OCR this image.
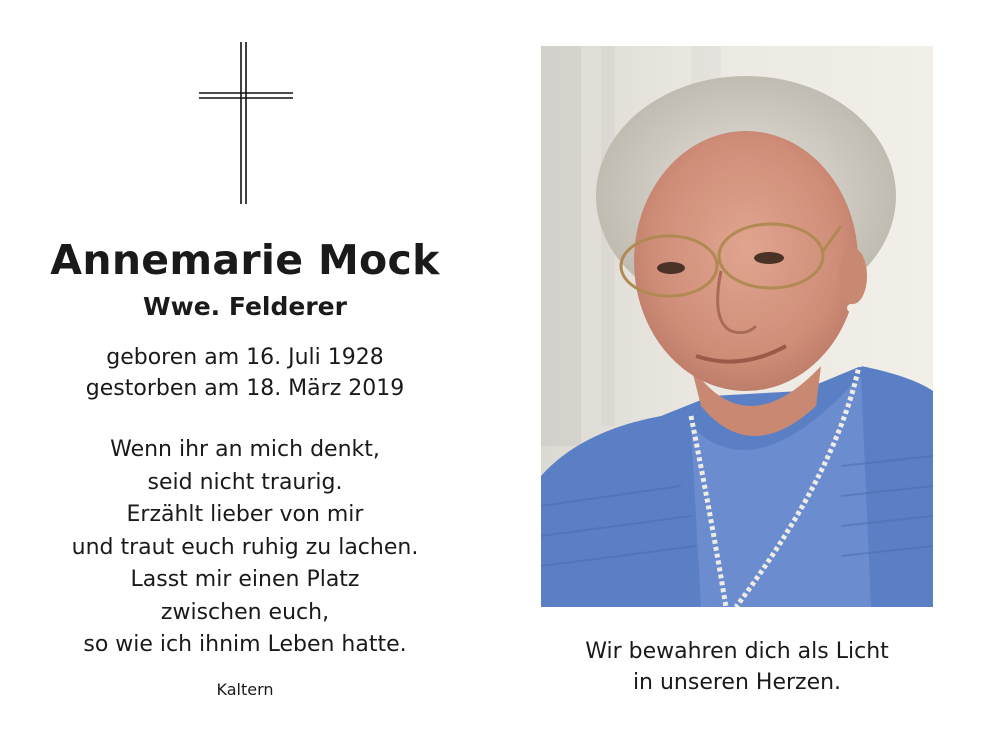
Annemarie Mock
Wwe. Felderer
geboren am 16. Juli 1928
gestorben am 18. März 2019
Wenn ihr an mich denkt,
seid nicht traurig.
Erzählt lieber von mir
und traut euch ruhig zu lachen.
Lasst mir einen Platz
zwischen euch,
so wie ich ihnim Leben hatte.
Kaltern
Wir bewahren dich als Licht
in unseren Herzen.
